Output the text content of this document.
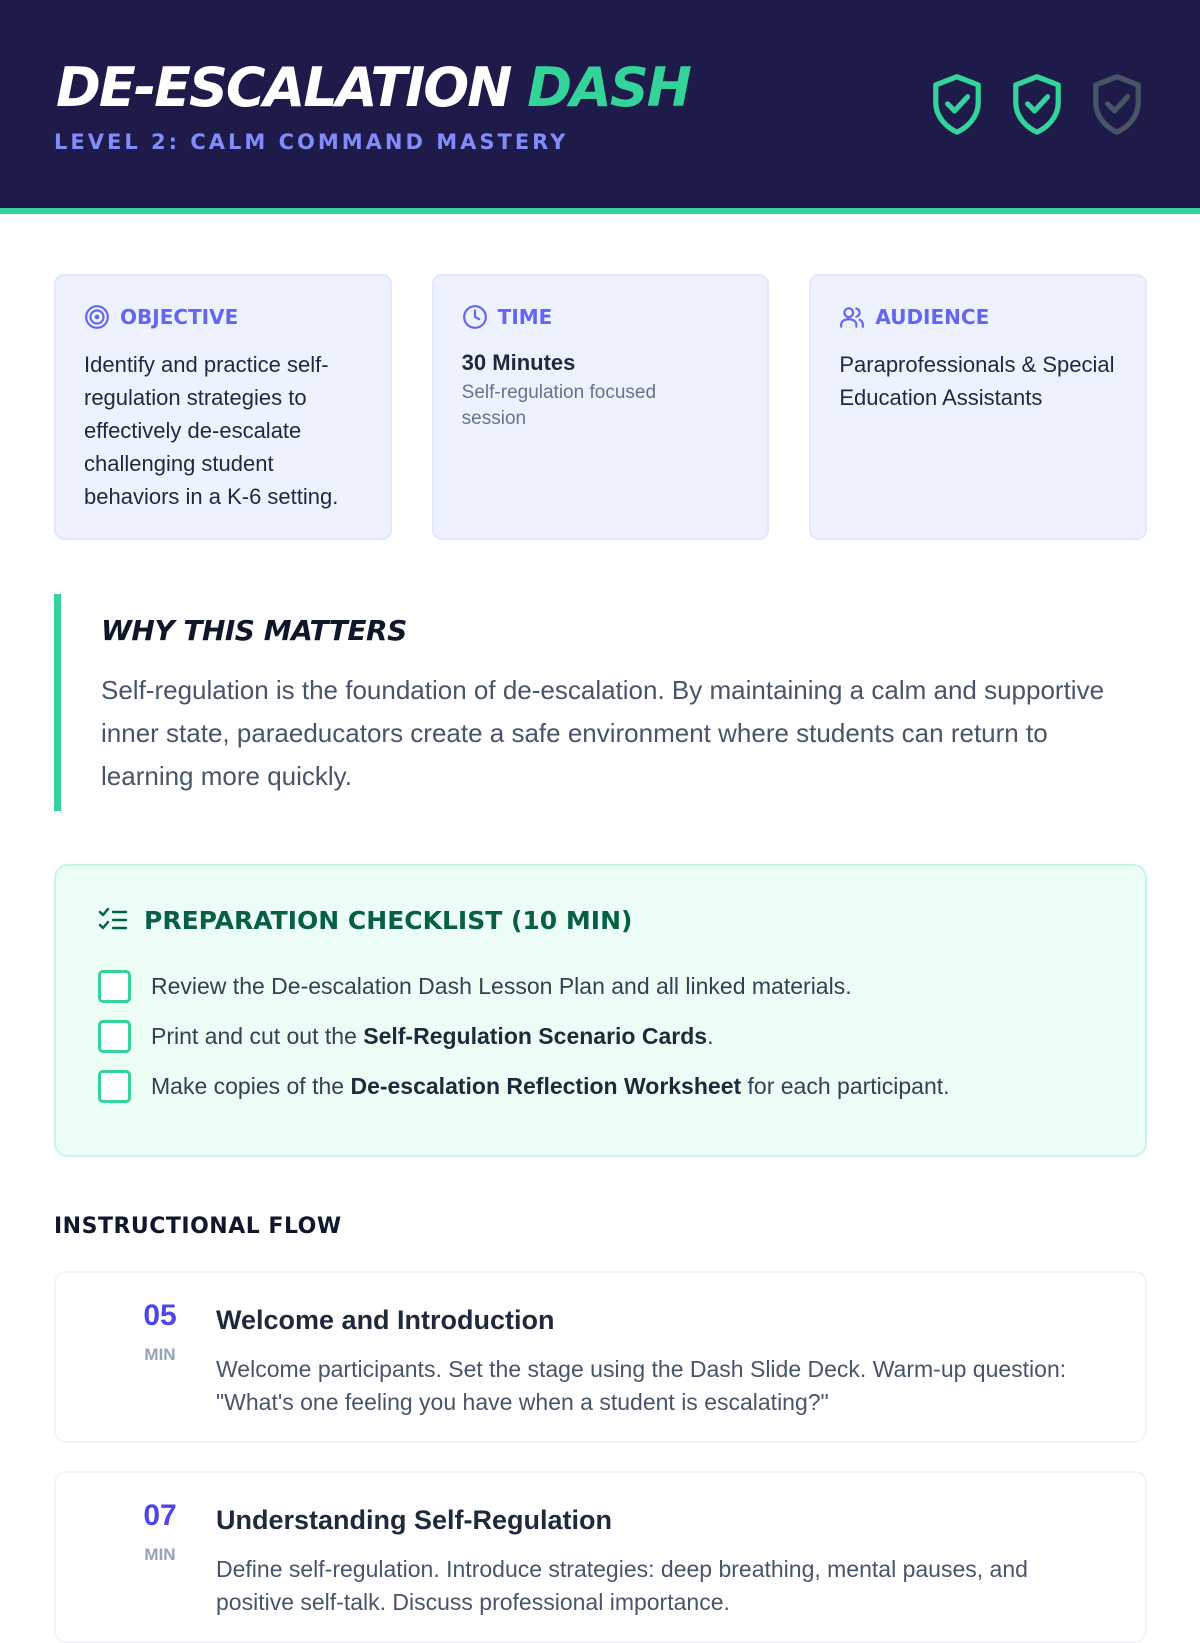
DE-ESCALATION DASH
LEVEL 2: CALM COMMAND MASTERY
OBJECTIVE
Identify and practice self-regulation strategies to effectively de-escalate challenging student behaviors in a K-6 setting.
TIME
30 Minutes
Self-regulation focused session
AUDIENCE
Paraprofessionals & Special Education Assistants
WHY THIS MATTERS
Self-regulation is the foundation of de-escalation. By maintaining a calm and supportive inner state, paraeducators create a safe environment where students can return to learning more quickly.
PREPARATION CHECKLIST (10 MIN)
Review the De-escalation Dash Lesson Plan and all linked materials.
Print and cut out the Self-Regulation Scenario Cards.
Make copies of the De-escalation Reflection Worksheet for each participant.
INSTRUCTIONAL FLOW
05
MIN
Welcome and Introduction
Welcome participants. Set the stage using the Dash Slide Deck. Warm-up question: "What's one feeling you have when a student is escalating?"
07
MIN
Understanding Self-Regulation
Define self-regulation. Introduce strategies: deep breathing, mental pauses, and positive self-talk. Discuss professional importance.
